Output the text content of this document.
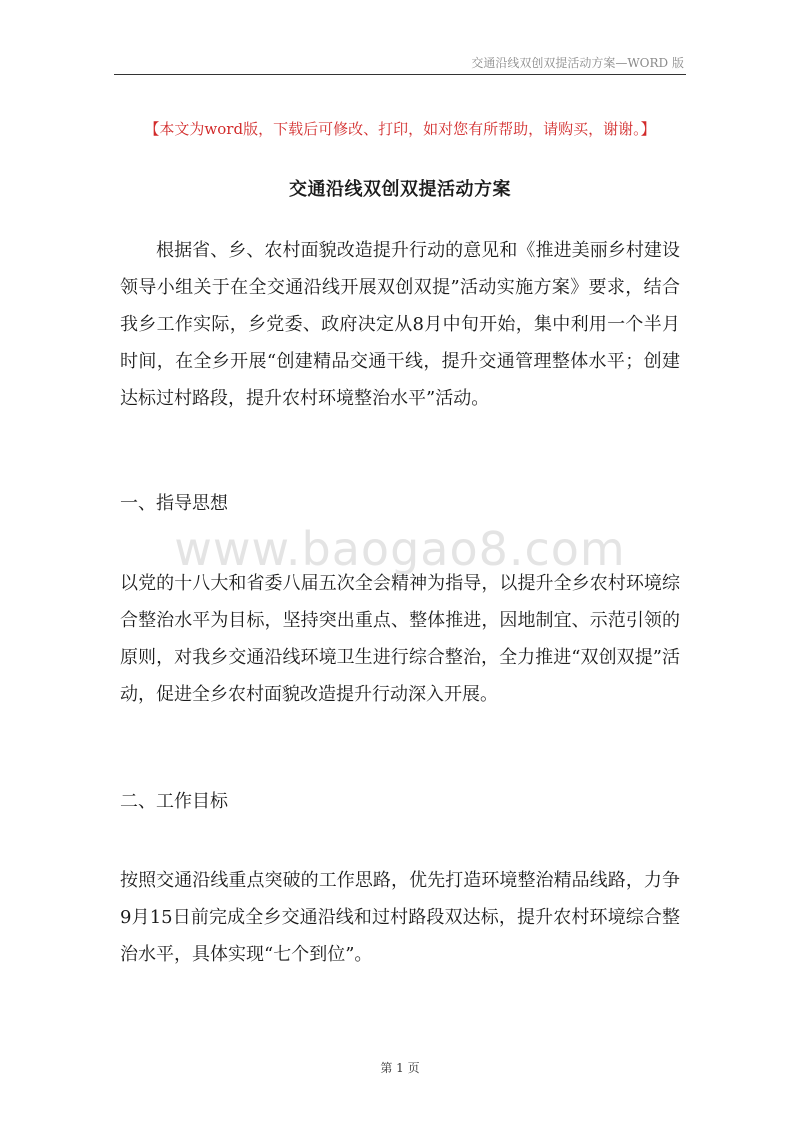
交通沿线双创双提活动方案—WORD 版
【本文为word版，下载后可修改、打印，如对您有所帮助，请购买，谢谢。】
交通沿线双创双提活动方案

根据省、乡、农村面貌改造提升行动的意见和《推进美丽乡村建设领导小组关于在全交通沿线开展双创双提”活动实施方案》要求，结合我乡工作实际，乡党委、政府决定从8月中旬开始，集中利用一个半月时间，在全乡开展“创建精品交通干线，提升交通管理整体水平；创建达标过村路段，提升农村环境整治水平”活动。

一、指导思想
www.baogao8.com

以党的十八大和省委八届五次全会精神为指导，以提升全乡农村环境综合整治水平为目标，坚持突出重点、整体推进，因地制宜、示范引领的原则，对我乡交通沿线环境卫生进行综合整治，全力推进“双创双提”活动，促进全乡农村面貌改造提升行动深入开展。

二、工作目标

按照交通沿线重点突破的工作思路，优先打造环境整治精品线路，力争9月15日前完成全乡交通沿线和过村路段双达标，提升农村环境综合整治水平，具体实现“七个到位”。

第 1 页
